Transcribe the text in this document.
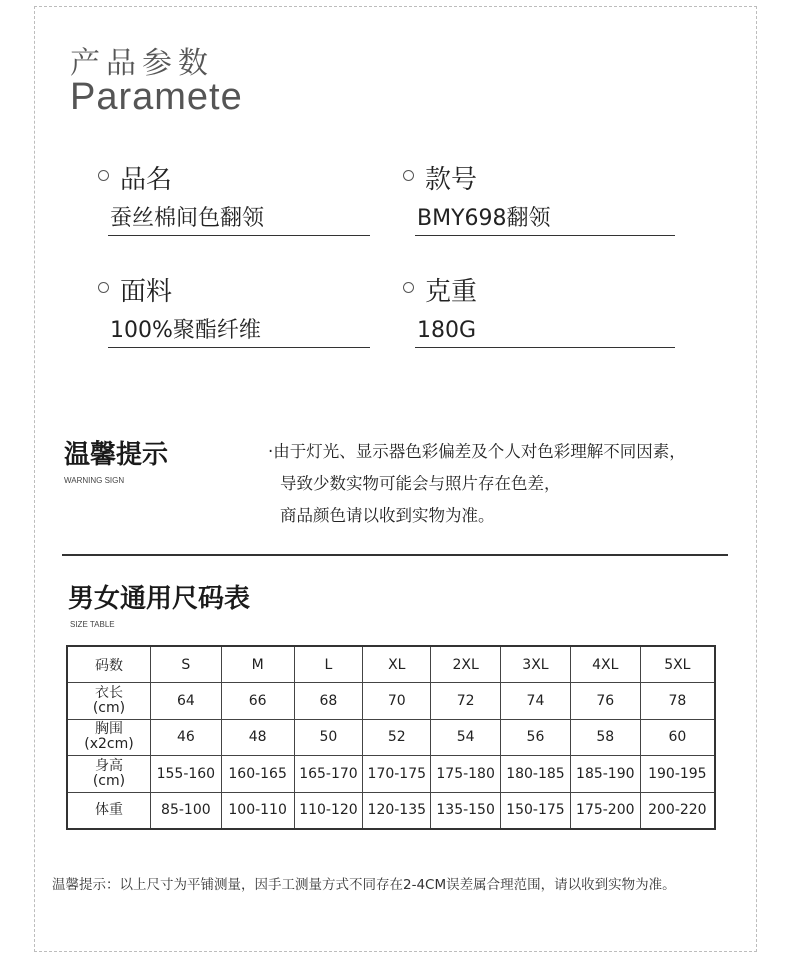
产品参数
Paramete
品名
蚕丝棉间色翻领
款号
BMY698翻领
面料
100%聚酯纤维
克重
180G
温馨提示
WARNING SIGN
·由于灯光、显示器色彩偏差及个人对色彩理解不同因素，
导致少数实物可能会与照片存在色差，
商品颜色请以收到实物为准。
男女通用尺码表
SIZE TABLE
码数	S	M	L	XL	2XL	3XL	4XL	5XL

衣长
(cm)	64	66	68	70	72	74	76	78

胸围
(x2cm)	46	48	50	52	54	56	58	60

身高
(cm)	155-160	160-165	165-170	170-175	175-180	180-185	185-190	190-195

体重	85-100	100-110	110-120	120-135	135-150	150-175	175-200	200-220
温馨提示：以上尺寸为平铺测量，因手工测量方式不同存在2-4CM误差属合理范围，请以收到实物为准。
